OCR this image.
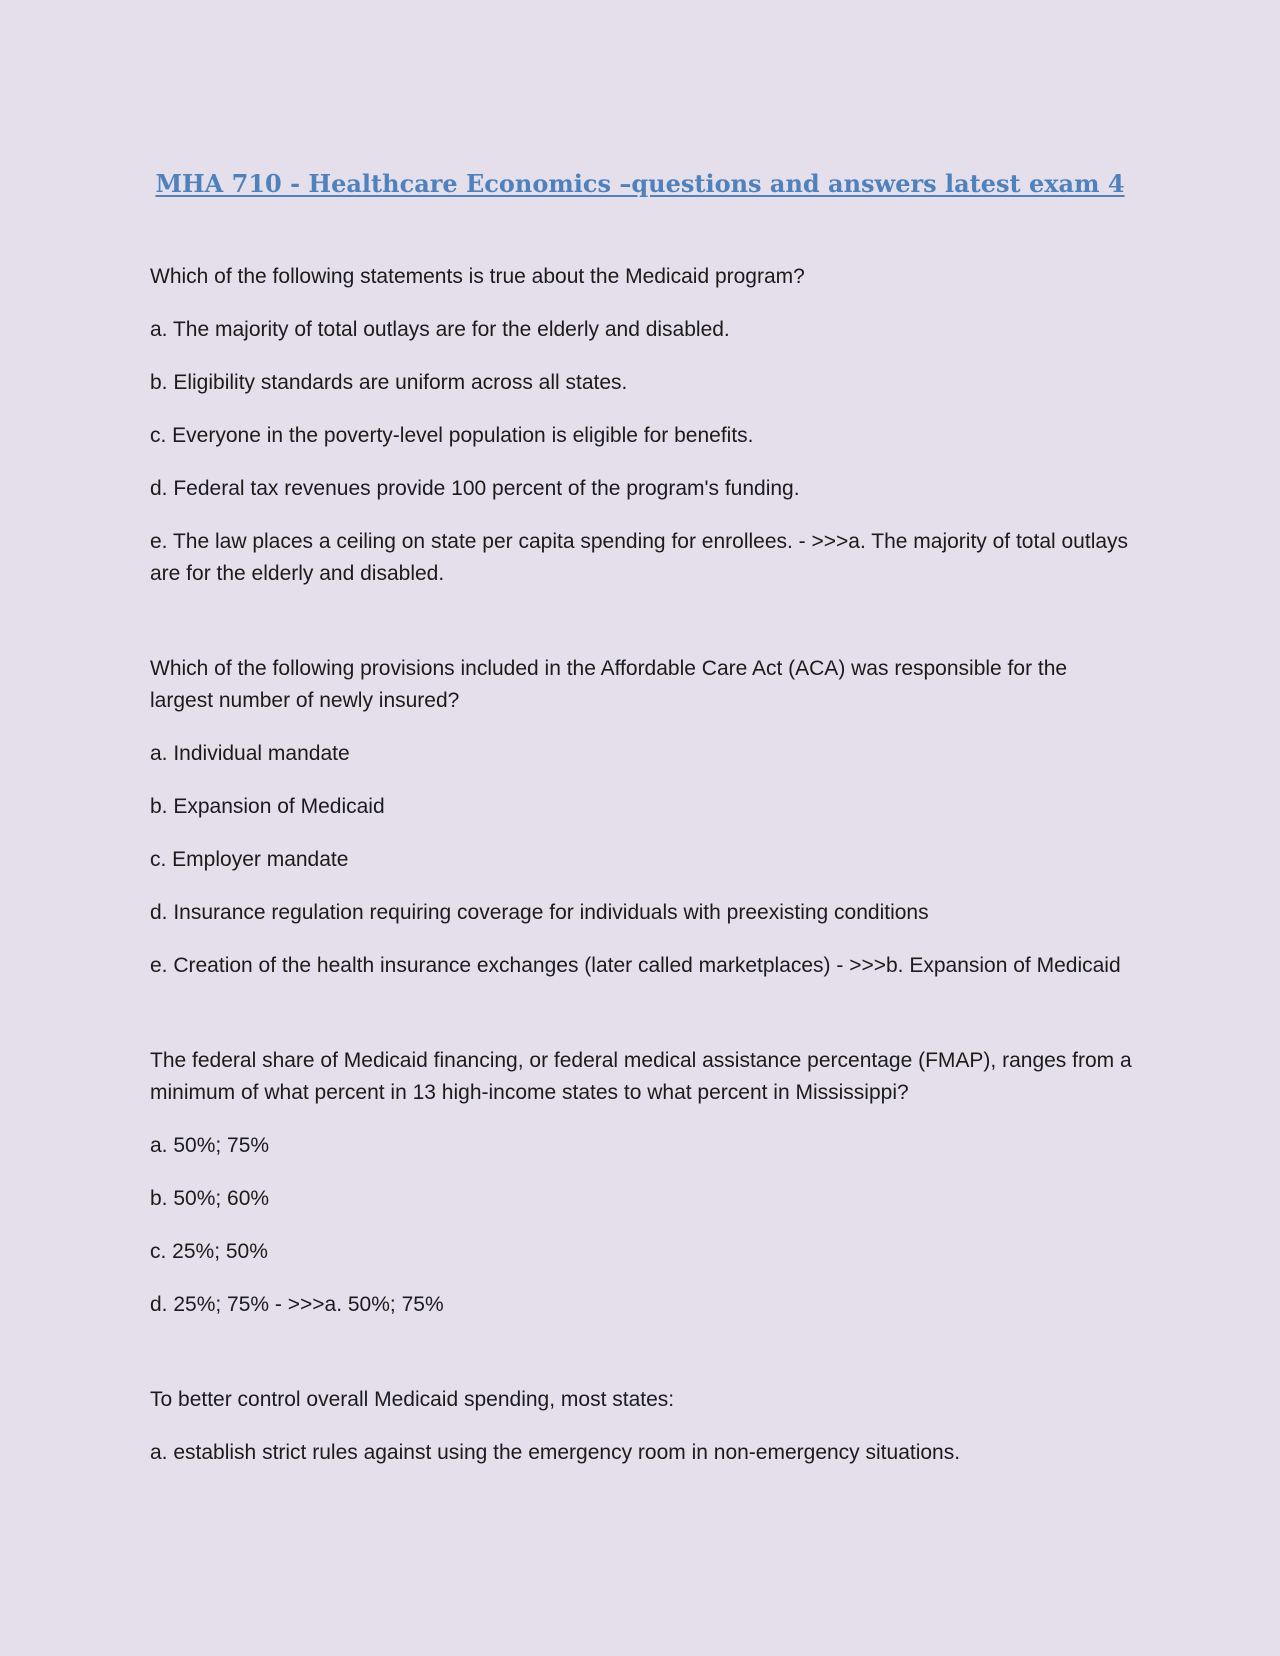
MHA 710 - Healthcare Economics –questions and answers latest exam 4

Which of the following statements is true about the Medicaid program?

a. The majority of total outlays are for the elderly and disabled.

b. Eligibility standards are uniform across all states.

c. Everyone in the poverty-level population is eligible for benefits.

d. Federal tax revenues provide 100 percent of the program's funding.

e. The law places a ceiling on state per capita spending for enrollees. - >>>a. The majority of total outlays are for the elderly and disabled.

Which of the following provisions included in the Affordable Care Act (ACA) was responsible for the largest number of newly insured?

a. Individual mandate

b. Expansion of Medicaid

c. Employer mandate

d. Insurance regulation requiring coverage for individuals with preexisting conditions

e. Creation of the health insurance exchanges (later called marketplaces) - >>>b. Expansion of Medicaid

The federal share of Medicaid financing, or federal medical assistance percentage (FMAP), ranges from a minimum of what percent in 13 high-income states to what percent in Mississippi?

a. 50%; 75%

b. 50%; 60%

c. 25%; 50%

d. 25%; 75% - >>>a. 50%; 75%

To better control overall Medicaid spending, most states:

a. establish strict rules against using the emergency room in non-emergency situations.
